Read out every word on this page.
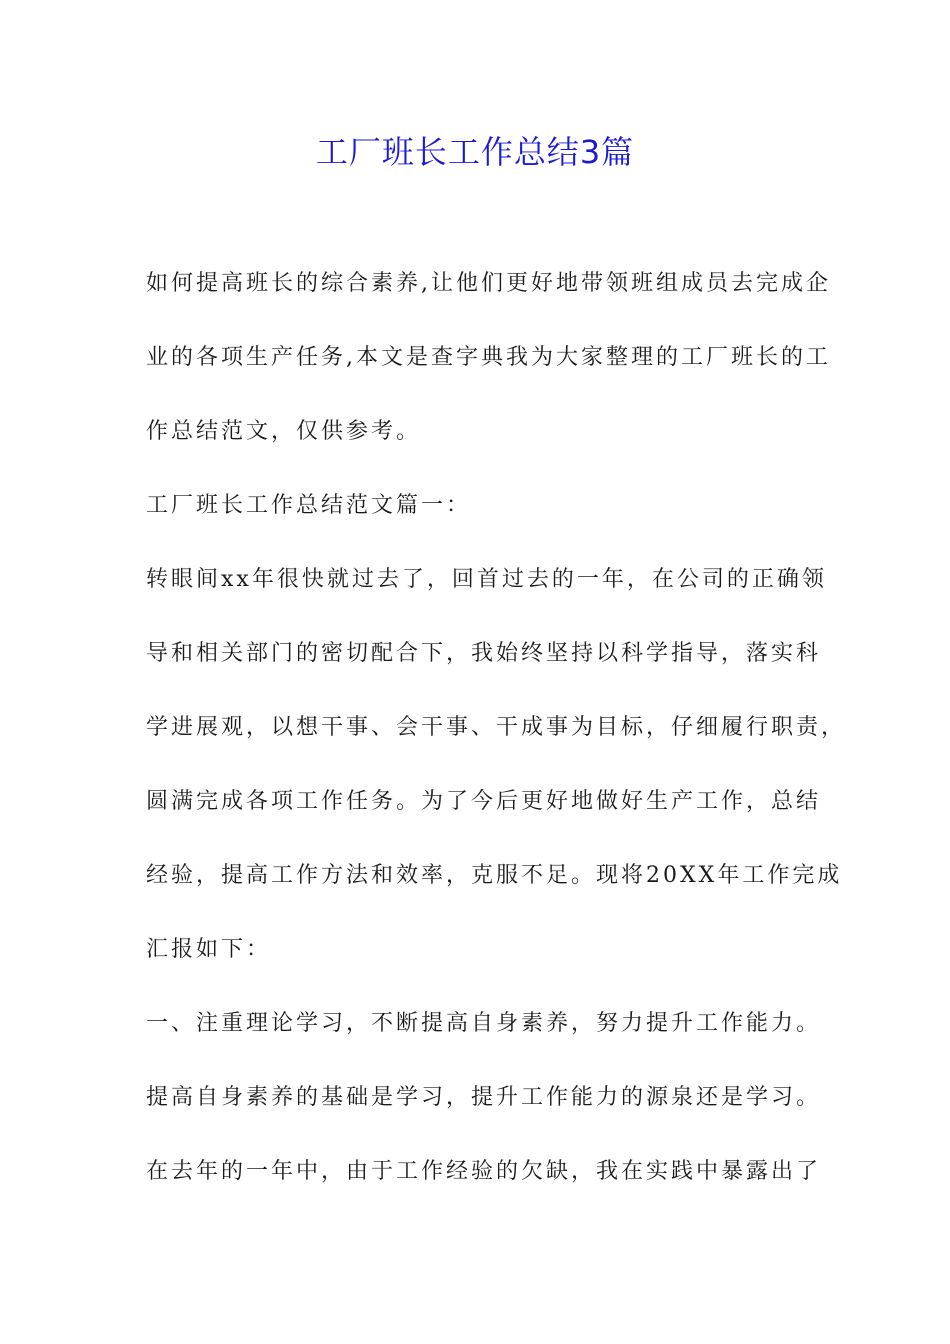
工厂班长工作总结3篇
如何提高班长的综合素养,让他们更好地带领班组成员去完成企
业的各项生产任务,本文是查字典我为大家整理的工厂班长的工
作总结范文，仅供参考。
工厂班长工作总结范文篇一：
转眼间xx年很快就过去了，回首过去的一年，在公司的正确领
导和相关部门的密切配合下，我始终坚持以科学指导，落实科
学进展观，以想干事、会干事、干成事为目标，仔细履行职责，
圆满完成各项工作任务。为了今后更好地做好生产工作，总结
经验，提高工作方法和效率，克服不足。现将20XX年工作完成
汇报如下：
一、注重理论学习，不断提高自身素养，努力提升工作能力。
提高自身素养的基础是学习，提升工作能力的源泉还是学习。
在去年的一年中，由于工作经验的欠缺，我在实践中暴露出了
